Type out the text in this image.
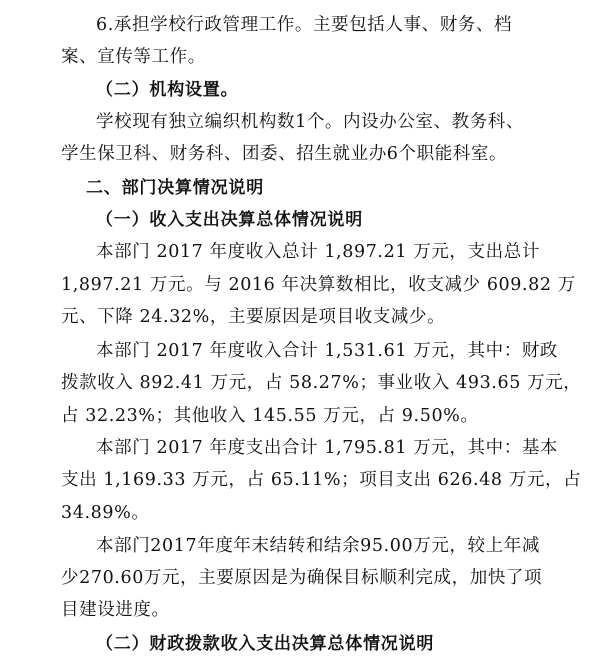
6.承担学校行政管理工作。主要包括人事、财务、档
案、宣传等工作。
（二）机构设置。
学校现有独立编织机构数1个。内设办公室、教务科、
学生保卫科、财务科、团委、招生就业办6个职能科室。
二、部门决算情况说明
（一）收入支出决算总体情况说明
本部门 2017 年度收入总计 1,897.21 万元，支出总计
1,897.21 万元。与 2016 年决算数相比，收支减少 609.82 万
元、下降 24.32%，主要原因是项目收支减少。
本部门 2017 年度收入合计 1,531.61 万元，其中：财政
拨款收入 892.41 万元，占 58.27%；事业收入 493.65 万元，
占 32.23%；其他收入 145.55 万元，占 9.50%。
本部门 2017 年度支出合计 1,795.81 万元，其中：基本
支出 1,169.33 万元，占 65.11%；项目支出 626.48 万元，占
34.89%。
本部门2017年度年末结转和结余95.00万元，较上年减
少270.60万元，主要原因是为确保目标顺利完成，加快了项
目建设进度。
（二）财政拨款收入支出决算总体情况说明
